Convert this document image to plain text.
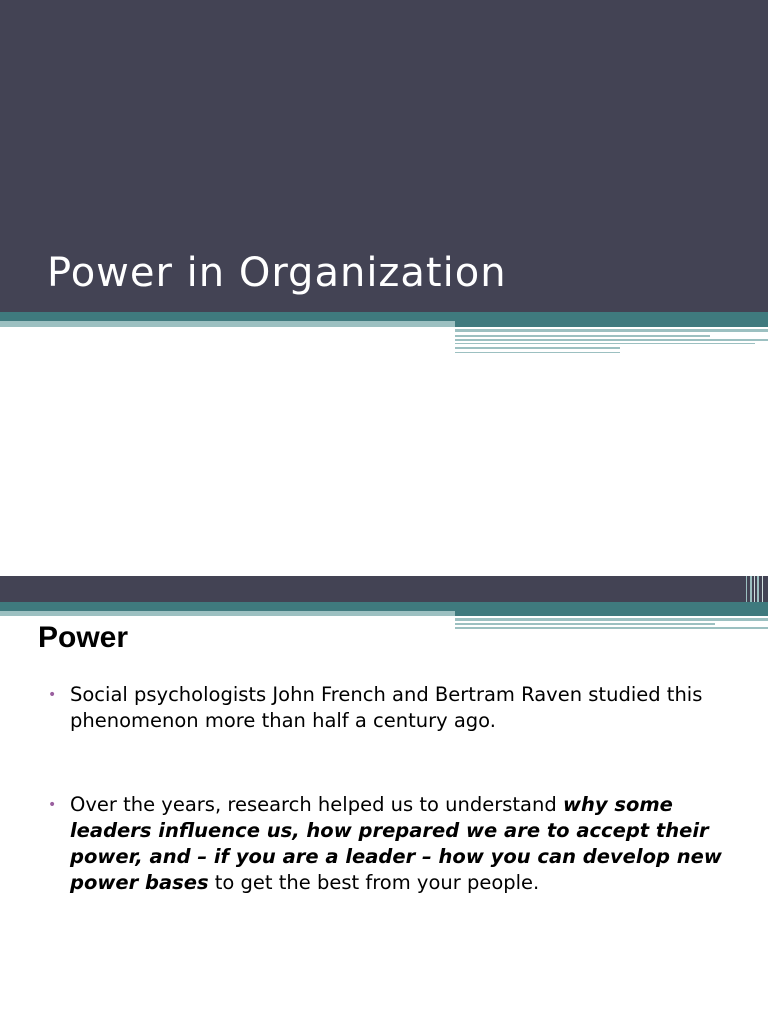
Power in Organization
Power
• Social psychologists John French and Bertram Raven studied this phenomenon more than half a century ago.
• Over the years, research helped us to understand why some leaders influence us, how prepared we are to accept their power, and – if you are a leader – how you can develop new power bases to get the best from your people.
